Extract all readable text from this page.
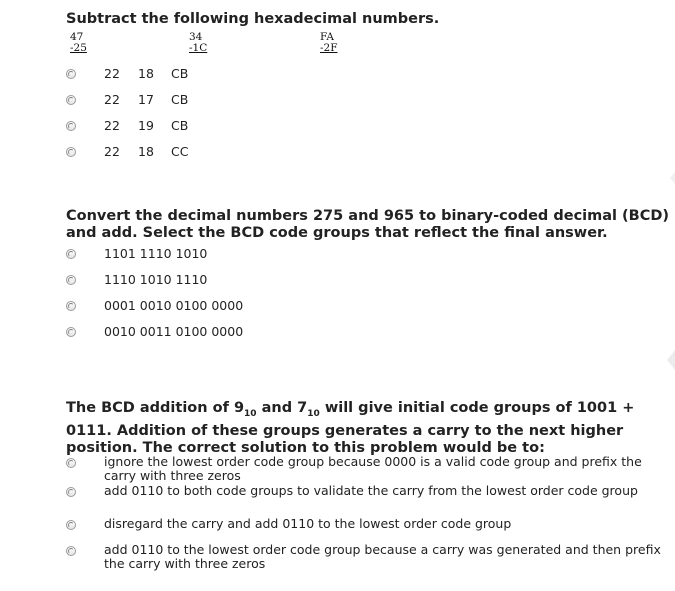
Subtract the following hexadecimal numbers.

47
-25
34
-1C
FA
-2F
22 18 CB
22 17 CB
22 19 CB
22 18 CC

Convert the decimal numbers 275 and 965 to binary-coded decimal (BCD) and add. Select the BCD code groups that reflect the final answer.

1101 1110 1010
1110 1010 1110
0001 0010 0100 0000
0010 0011 0100 0000

The BCD addition of $9_{10}$ and $7_{10}$ will give initial code groups of 1001 + 0111. Addition of these groups generates a carry to the next higher position. The correct solution to this problem would be to:

ignore the lowest order code group because 0000 is a valid code group and prefix the carry with three zeros
add 0110 to both code groups to validate the carry from the lowest order code group
disregard the carry and add 0110 to the lowest order code group
add 0110 to the lowest order code group because a carry was generated and then prefix the carry with three zeros
